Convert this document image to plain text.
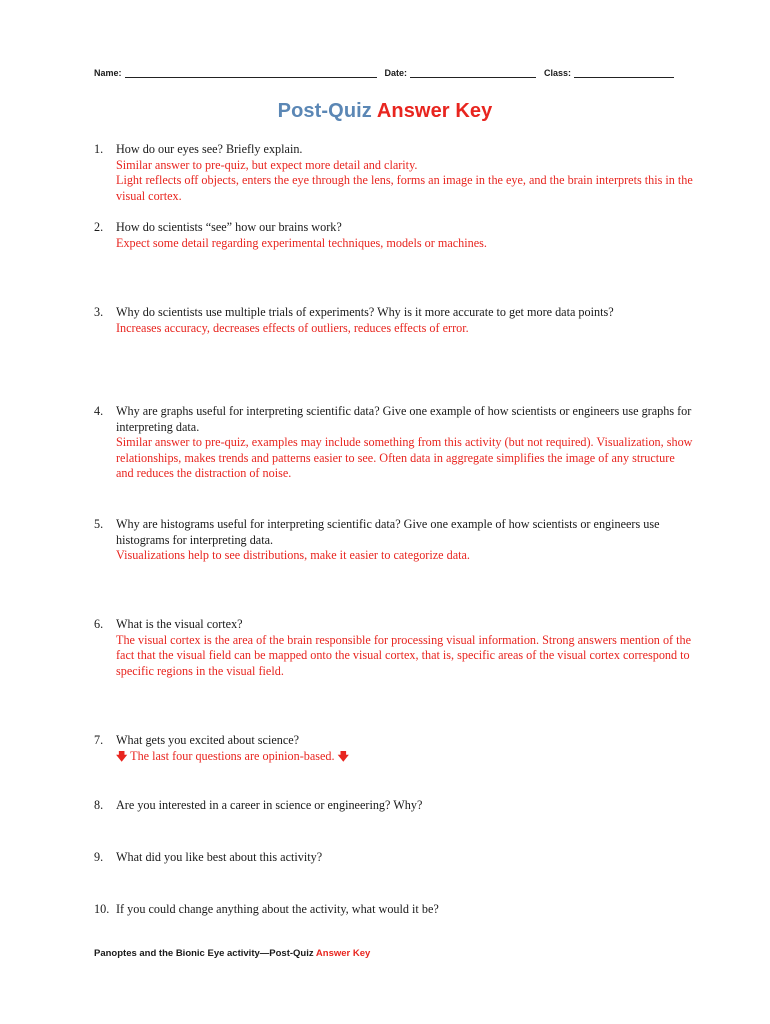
Name:	Date:	Class:
Post-Quiz Answer Key
1. How do our eyes see? Briefly explain.
Similar answer to pre-quiz, but expect more detail and clarity.
Light reflects off objects, enters the eye through the lens, forms an image in the eye, and the brain interprets this in the visual cortex.
2. How do scientists “see” how our brains work?
Expect some detail regarding experimental techniques, models or machines.
3. Why do scientists use multiple trials of experiments? Why is it more accurate to get more data points?
Increases accuracy, decreases effects of outliers, reduces effects of error.
4. Why are graphs useful for interpreting scientific data? Give one example of how scientists or engineers use graphs for interpreting data.
Similar answer to pre-quiz, examples may include something from this activity (but not required). Visualization, show relationships, makes trends and patterns easier to see. Often data in aggregate simplifies the image of any structure and reduces the distraction of noise.
5. Why are histograms useful for interpreting scientific data? Give one example of how scientists or engineers use histograms for interpreting data.
Visualizations help to see distributions, make it easier to categorize data.
6. What is the visual cortex?
The visual cortex is the area of the brain responsible for processing visual information. Strong answers mention of the fact that the visual field can be mapped onto the visual cortex, that is, specific areas of the visual cortex correspond to specific regions in the visual field.
7. What gets you excited about science?
🡇 The last four questions are opinion-based. 🡇
8. Are you interested in a career in science or engineering? Why?
9. What did you like best about this activity?
10. If you could change anything about the activity, what would it be?
Panoptes and the Bionic Eye activity—Post-Quiz Answer Key
